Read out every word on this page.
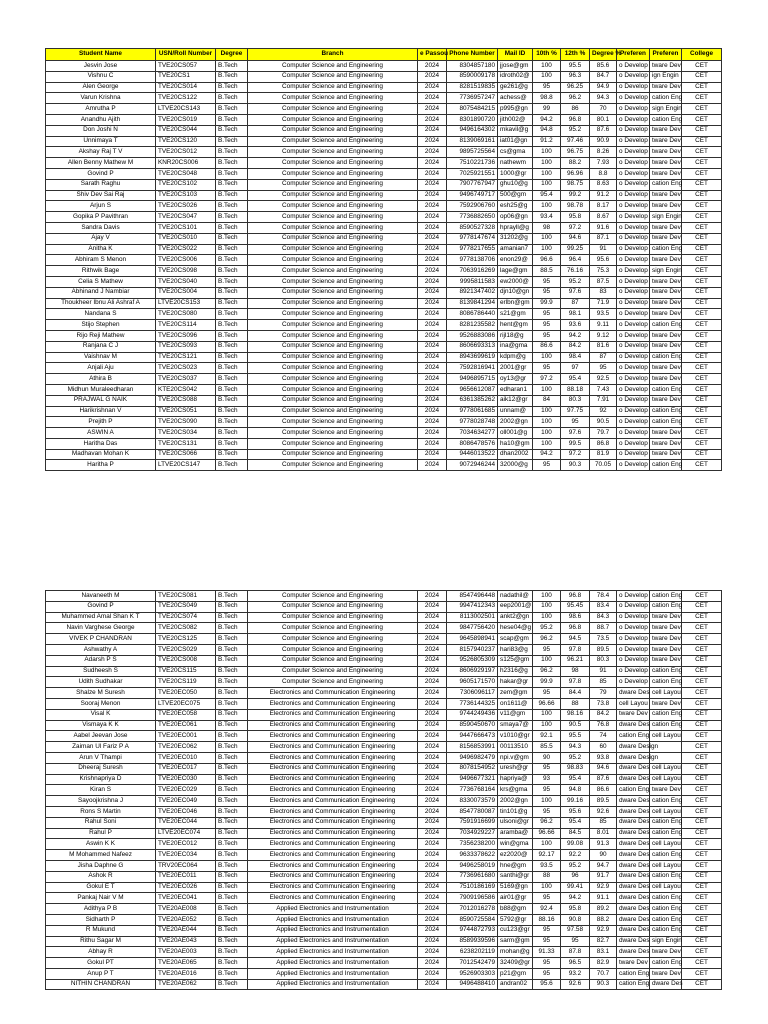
Student Name	USN/Roll Number	Degree	Branch	e Passou	Phone Number	Mail ID	10th %	12th %	Degree %	Preferen	Preferen	College
Jesvin Jose	TVE20CS057	B.Tech	Computer Science and Engineering	2024	8304857180	jjose@gm	100	95.5	85.6	o Develop	tware Dev	CET
Vishnu C	TVE20CS1	B.Tech	Computer Science and Engineering	2024	8590009178	idroth02@	100	96.3	84.7	o Develop	ign Engin	CET
Alen George	TVE20CS014	B.Tech	Computer Science and Engineering	2024	8281519835	ge261@g	95	96.25	94.9	o Develop	tware Dev	CET
Varun Krishna	TVE20CS122	B.Tech	Computer Science and Engineering	2024	7736957247	achess@	98.8	96.2	94.3	o Develop	cation Eng	CET
Amrutha P	LTVE20CS143	B.Tech	Computer Science and Engineering	2024	8075484215	p995@gn	99	86	70	o Develop	sign Engin	CET
Anandhu Ajith	TVE20CS019	B.Tech	Computer Science and Engineering	2024	8301890720	jith002@	94.2	96.8	80.1	o Develop	cation Eng	CET
Don Joshi N	TVE20CS044	B.Tech	Computer Science and Engineering	2024	9496164302	mkavil@g	94.8	95.2	87.6	o Develop	tware Dev	CET
Unnimaya T	TVE20CS120	B.Tech	Computer Science and Engineering	2024	8139069161	iat01@gn	91.2	97.46	90.9	o Develop	tware Dev	CET
Akshay Raj T V	TVE20CS012	B.Tech	Computer Science and Engineering	2024	9895725564	cs@gma	100	96.75	8.26	o Develop	tware Dev	CET
Allen Benny Mathew M	KNR20CS006	B.Tech	Computer Science and Engineering	2024	7510221736	nathewm	100	88.2	7.93	o Develop	tware Dev	CET
Govind P	TVE20CS048	B.Tech	Computer Science and Engineering	2024	7025921551	1000@gr	100	96.96	8.8	o Develop	tware Dev	CET
Sarath Raghu	TVE20CS102	B.Tech	Computer Science and Engineering	2024	7907767947	ghu10@g	100	98.75	8.63	o Develop	cation Eng	CET
Shiv Dev Sai Raj	TVE20CS103	B.Tech	Computer Science and Engineering	2024	9496749717	500@gm	95.4	99.2	91.2	o Develop	tware Dev	CET
Arjun S	TVE20CS026	B.Tech	Computer Science and Engineering	2024	7592906760	esh25@g	100	98.78	8.17	o Develop	tware Dev	CET
Gopika P Pavithran	TVE20CS047	B.Tech	Computer Science and Engineering	2024	7736882650	op06@gn	93.4	95.8	8.67	o Develop	sign Engin	CET
Sandra Davis	TVE20CS101	B.Tech	Computer Science and Engineering	2024	8590527328	hprayll@g	98	97.2	91.6	o Develop	tware Dev	CET
Ajay V	TVE20CS010	B.Tech	Computer Science and Engineering	2024	9778147674	31202@g	100	94.6	87.1	o Develop	tware Dev	CET
Anitha K	TVE20CS022	B.Tech	Computer Science and Engineering	2024	9778217655	amanian7	100	99.25	91	o Develop	cation Eng	CET
Abhiram S Menon	TVE20CS006	B.Tech	Computer Science and Engineering	2024	9778138706	enon29@	96.6	96.4	95.6	o Develop	tware Dev	CET
Rithwik Bage	TVE20CS098	B.Tech	Computer Science and Engineering	2024	7063916269	lage@gm	88.5	76.16	75.3	o Develop	sign Engin	CET
Celia S Mathew	TVE20CS040	B.Tech	Computer Science and Engineering	2024	9995811583	ew2000@	95	95.2	87.5	o Develop	tware Dev	CET
Abhinand J Nambiar	TVE20CS004	B.Tech	Computer Science and Engineering	2024	8921347402	djn10@gn	95	97.6	83	o Develop	tware Dev	CET
Thoukheer Ibnu Ali Ashraf A	LTVE20CS153	B.Tech	Computer Science and Engineering	2024	8139841294	erlbn@gm	99.9	87	71.9	o Develop	tware Dev	CET
Nandana S	TVE20CS080	B.Tech	Computer Science and Engineering	2024	8086786440	s21@gm	95	98.1	93.5	o Develop	tware Dev	CET
Stijo Stephen	TVE20CS114	B.Tech	Computer Science and Engineering	2024	8281235582	hent@gm	95	93.6	9.11	o Develop	cation Eng	CET
Rijo Reji Mathew	TVE20CS096	B.Tech	Computer Science and Engineering	2024	9526883086	rijl18@g	95	94.2	9.12	o Develop	tware Dev	CET
Ranjana C J	TVE20CS093	B.Tech	Computer Science and Engineering	2024	8606693313	ina@gma	86.6	84.2	81.6	o Develop	tware Dev	CET
Vaishnav M	TVE20CS121	B.Tech	Computer Science and Engineering	2024	8943699619	kdpm@g	100	98.4	87	o Develop	cation Eng	CET
Anjali Aju	TVE20CS023	B.Tech	Computer Science and Engineering	2024	7592816941	2001@gr	95	97	95	o Develop	tware Dev	CET
Athira B	TVE20CS037	B.Tech	Computer Science and Engineering	2024	9496895715	oy13@gr	97.2	95.4	92.5	o Develop	tware Dev	CET
Midhun Muraleedharan	KTE20CS042	B.Tech	Computer Science and Engineering	2024	9656612087	edharan1	100	88.18	7.43	o Develop	cation Eng	CET
PRAJWAL G NAIK	TVE20CS088	B.Tech	Computer Science and Engineering	2024	6361385262	aik12@gr	84	80.3	7.91	o Develop	tware Dev	CET
Harikrishnan V	TVE20CS051	B.Tech	Computer Science and Engineering	2024	9778061685	unnam@	100	97.75	92	o Develop	cation Eng	CET
Prejith P	TVE20CS090	B.Tech	Computer Science and Engineering	2024	9778028748	2002@gn	100	95	90.5	o Develop	cation Eng	CET
ASWIN A	TVE20CS034	B.Tech	Computer Science and Engineering	2024	7034634277	oll001@g	100	97.6	79.7	o Develop	tware Dev	CET
Haritha Das	TVE20CS131	B.Tech	Computer Science and Engineering	2024	8086478576	ha10@gm	100	99.5	86.8	o Develop	tware Dev	CET
Madhavan Mohan K	TVE20CS066	B.Tech	Computer Science and Engineering	2024	9446013522	dhan2002	94.2	97.2	81.9	o Develop	tware Dev	CET
Haritha P	LTVE20CS147	B.Tech	Computer Science and Engineering	2024	9072946244	32000@g	95	90.3	70.05	o Develop	cation Eng	CET
Navaneeth M	TVE20CS081	B.Tech	Computer Science and Engineering	2024	8547496448	nadathil@	100	96.8	78.4	o Develop	cation Eng	CET
Govind P	TVE20CS049	B.Tech	Computer Science and Engineering	2024	9947412343	eep2001@	100	95.45	83.4	o Develop	cation Eng	CET
Muhammed Amal Shan K T	TVE20CS074	B.Tech	Computer Science and Engineering	2024	8113002501	ankt2@gn	100	98.6	84.3	o Develop	tware Dev	CET
Navin Varghese George	TVE20CS082	B.Tech	Computer Science and Engineering	2024	9847756420	hese04@g	95.2	96.8	88.7	o Develop	tware Dev	CET
VIVEK P CHANDRAN	TVE20CS125	B.Tech	Computer Science and Engineering	2024	9645898941	scap@gm	96.2	94.5	73.5	o Develop	tware Dev	CET
Ashwathy A	TVE20CS029	B.Tech	Computer Science and Engineering	2024	8157940237	hari83@g	95	97.8	89.5	o Develop	tware Dev	CET
Adarsh P S	TVE20CS008	B.Tech	Computer Science and Engineering	2024	9526805309	s125@gm	100	96.21	80.3	o Develop	tware Dev	CET
Sudheesh S	TVE20CS115	B.Tech	Computer Science and Engineering	2024	8606929197	h2316@g	96.2	98	91	o Develop	cation Eng	CET
Udith Sudhakar	TVE20CS119	B.Tech	Computer Science and Engineering	2024	9605171570	hakar@gr	99.9	97.8	85	o Develop	cation Eng	CET
Shalze M Suresh	TVE20EC050	B.Tech	Electronics and Communication Engineering	2024	7306096117	zem@gm	95	84.4	79	dware Des	cell Layou	CET
Sooraj Menon	LTVE20EC075	B.Tech	Electronics and Communication Engineering	2024	7736144325	on1611@	96.66	88	73.8	cell Layou	tware Dev	CET
Visal K	TVE20EC058	B.Tech	Electronics and Communication Engineering	2024	9744249436	v11@gm	100	98.16	84.2	tware Dev	cation Eng	CET
Vismaya K K	TVE20EC061	B.Tech	Electronics and Communication Engineering	2024	8590450670	smaya7@	100	90.5	76.8	dware Des	cation Eng	CET
Aabel Jeevan Jose	TVE20EC001	B.Tech	Electronics and Communication Engineering	2024	9447666473	v1010@gr	92.1	95.5	74	cation Eng	cell Layou	CET
Zaiman Ul Fariz P A	TVE20EC062	B.Tech	Electronics and Communication Engineering	2024	8156853991	00113510	85.5	94.3	60	dware Design		CET
Arun V Thampi	TVE20EC010	B.Tech	Electronics and Communication Engineering	2024	9496982479	npi.v@gm	90	95.2	93.8	dware Design		CET
Dheeraj Suresh	TVE20EC017	B.Tech	Electronics and Communication Engineering	2024	8078154952	uresh@gr	95	98.83	94.6	dware Des	cell Layou	CET
Krishnapriya D	TVE20EC030	B.Tech	Electronics and Communication Engineering	2024	9496677321	hapriya@	93	95.4	87.6	dware Des	cell Layou	CET
Kiran S	TVE20EC029	B.Tech	Electronics and Communication Engineering	2024	7736768164	krs@gma	95	94.8	86.6	cation Eng	tware Dev	CET
Sayoojkrishna J	TVE20EC049	B.Tech	Electronics and Communication Engineering	2024	8330073579	2002@gn	100	99.16	89.5	dware Des	cation Eng	CET
Rons S Martin	TVE20EC046	B.Tech	Electronics and Communication Engineering	2024	8547780087	tin101@g	95	95.6	92.6	dware Des	cell Layou	CET
Rahul Soni	TVE20EC044	B.Tech	Electronics and Communication Engineering	2024	7591916699	ulsoni@gr	96.2	95.4	85	dware Des	cation Eng	CET
Rahul P	LTVE20EC074	B.Tech	Electronics and Communication Engineering	2024	7034929227	aramba@	96.66	84.5	8.01	dware Des	cation Eng	CET
Aswin K K	TVE20EC012	B.Tech	Electronics and Communication Engineering	2024	7356238200	win@gma	100	99.08	91.3	dware Des	cell Layou	CET
M Mohammed Nafeez	TVE20EC034	B.Tech	Electronics and Communication Engineering	2024	9633378622	ez2020@	92.17	92.2	90	dware Des	cation Eng	CET
Jisha Daphne G	TRV20EC064	B.Tech	Electronics and Communication Engineering	2024	9496258019	hne@gm	93.5	95.2	94.7	dware Des	cell Layou	CET
Ashok R	TVE20EC011	B.Tech	Electronics and Communication Engineering	2024	7736961680	santhi@gr	88	96	91.7	dware Des	cation Eng	CET
Gokul E T	TVE20EC026	B.Tech	Electronics and Communication Engineering	2024	7510186169	5169@gn	100	99.41	92.9	dware Des	cell Layou	CET
Pankaj Nair V M	TVE20EC041	B.Tech	Electronics and Communication Engineering	2024	7909196586	air01@gr	95	94.2	91.1	dware Des	cation Eng	CET
Adithya P B	TVE20AE008	B.Tech	Applied Electronics and Instrumentation	2024	7012016278	b88@gm	92.4	95.8	89.2	dware Des	cation Eng	CET
Sidharth P	TVE20AE052	B.Tech	Applied Electronics and Instrumentation	2024	8590725584	5792@gr	88.16	90.8	88.2	dware Des	cation Eng	CET
R Mukund	TVE20AE044	B.Tech	Applied Electronics and Instrumentation	2024	9744872793	cu123@gr	95	97.58	92.9	dware Des	cation Eng	CET
Rithu Sagar M	TVE20AE043	B.Tech	Applied Electronics and Instrumentation	2024	8589939596	sarm@gm	95	95	82.7	dware Des	sign Engin	CET
Abhay R	TVE20AE003	B.Tech	Applied Electronics and Instrumentation	2024	6238202119	mohan@g	91.33	87.8	83.1	dware Des	tware Dev	CET
Gokul PT	TVE20AE065	B.Tech	Applied Electronics and Instrumentation	2024	7012542479	32409@gr	95	96.5	82.9	tware Dev	cation Eng	CET
Anup P T	TVE20AE016	B.Tech	Applied Electronics and Instrumentation	2024	9526903303	p21@gm	95	93.2	70.7	cation Eng	tware Dev	CET
NITHIN CHANDRAN	TVE20AE062	B.Tech	Applied Electronics and Instrumentation	2024	9496488410	andran02	95.6	92.6	90.3	cation Eng	dware Des	CET
